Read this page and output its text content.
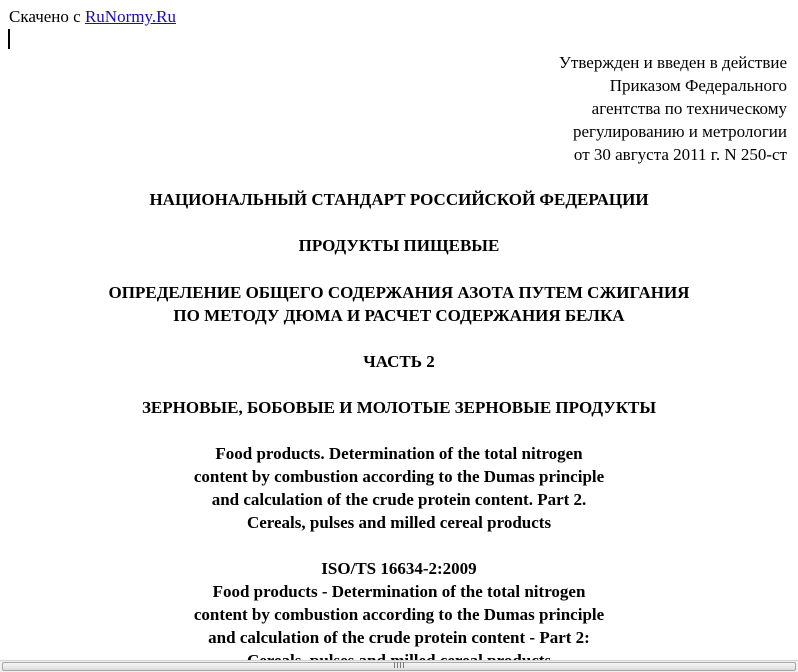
Скачено с RuNormy.Ru
Утвержден и введен в действие
Приказом Федерального
агентства по техническому
регулированию и метрологии
от 30 августа 2011 г. N 250-ст
НАЦИОНАЛЬНЫЙ СТАНДАРТ РОССИЙСКОЙ ФЕДЕРАЦИИ
ПРОДУКТЫ ПИЩЕВЫЕ
ОПРЕДЕЛЕНИЕ ОБЩЕГО СОДЕРЖАНИЯ АЗОТА ПУТЕМ СЖИГАНИЯ
ПО МЕТОДУ ДЮМА И РАСЧЕТ СОДЕРЖАНИЯ БЕЛКА
ЧАСТЬ 2
ЗЕРНОВЫЕ, БОБОВЫЕ И МОЛОТЫЕ ЗЕРНОВЫЕ ПРОДУКТЫ
Food products. Determination of the total nitrogen
content by combustion according to the Dumas principle
and calculation of the crude protein content. Part 2.
Cereals, pulses and milled cereal products
ISO/TS 16634-2:2009
Food products - Determination of the total nitrogen
content by combustion according to the Dumas principle
and calculation of the crude protein content - Part 2:
